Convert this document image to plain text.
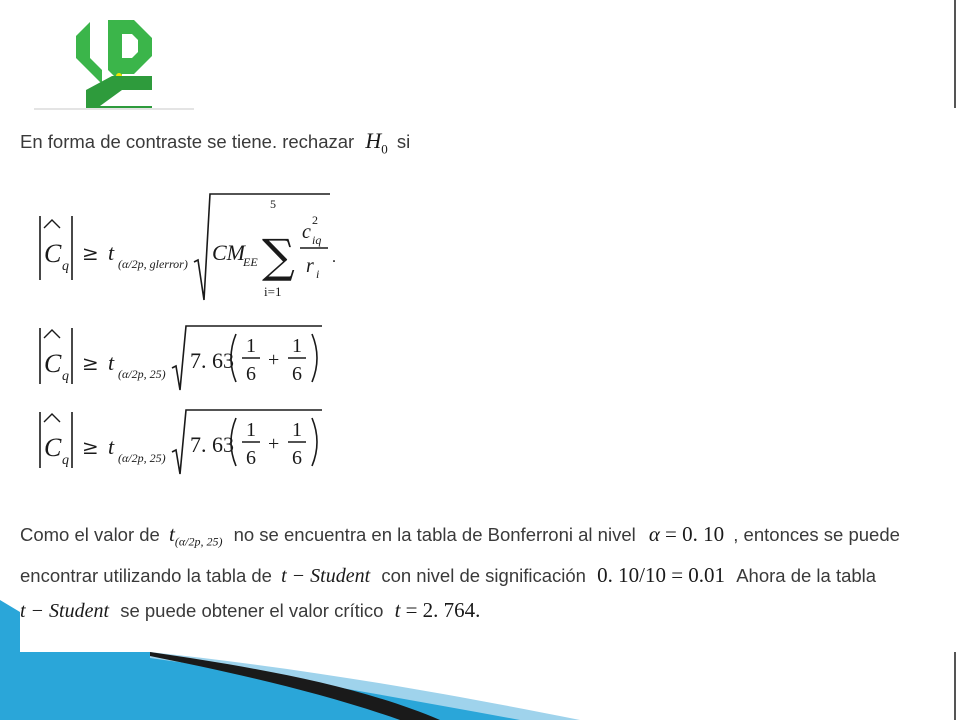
En forma de contraste se tiene. rechazar $H_0$ si
C q
≥ t (α/2p, glerror) CM
EE
5
∑
i=1
c
2
iq
r i
.
C q
≥ t (α/2p, 25)
7. 63
1
6
+
1
6
C q
≥ t (α/2p, 25)
7. 63
1
6
+
1
6
Como el valor de $t_{(\alpha/2p, 25)}$ no se encuentra en la tabla de Bonferroni al nivel α = 0. 10 , entonces se puede
encontrar utilizando la tabla de t − Student con nivel de significación 0. 10/10 = 0.01 Ahora de la tabla
t − Student se puede obtener el valor crítico t = 2. 764.
